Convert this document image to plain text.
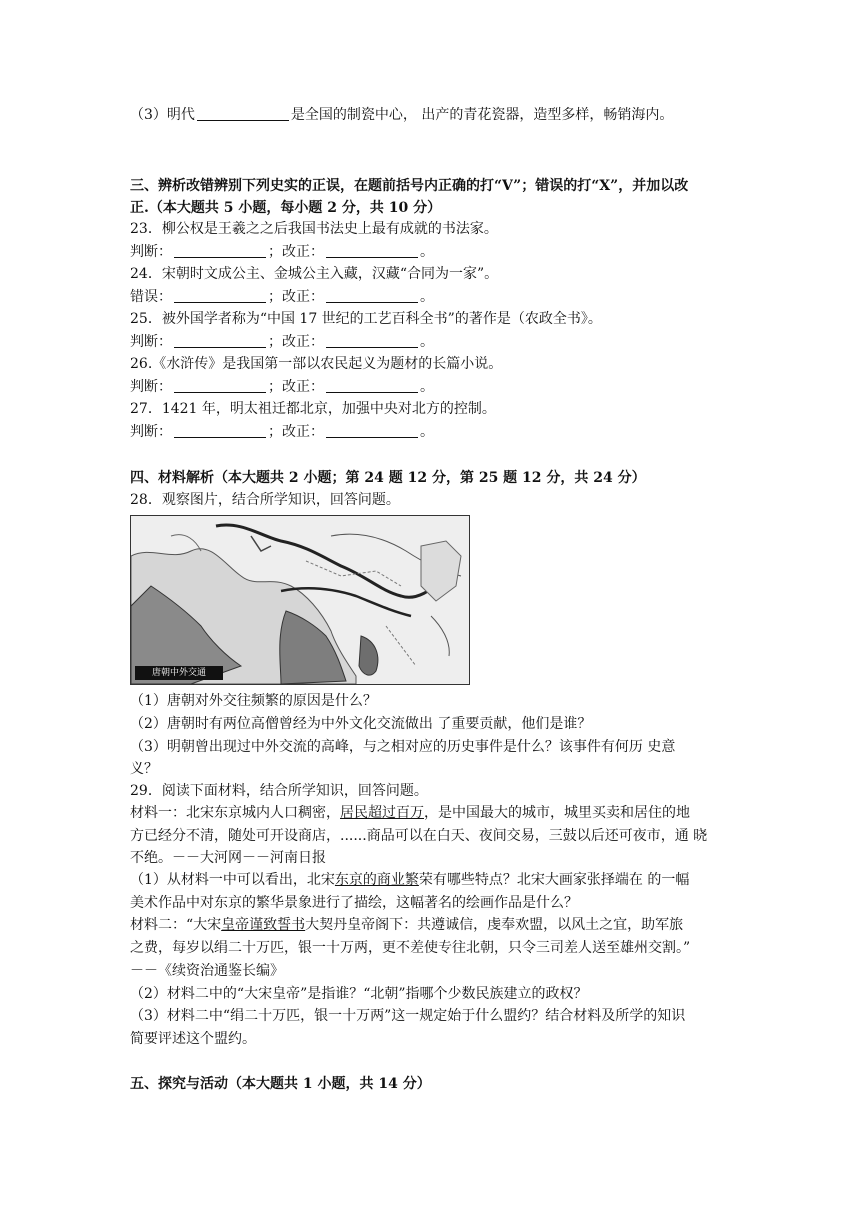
（3）明代	是全国的制瓷中心， 出产的青花瓷器，造型多样，畅销海内。
三、辨析改错辨别下列史实的正误，在题前括号内正确的打“V”；错误的打“X”，并加以改
正.（本大题共 5 小题，每小题 2 分，共 10 分）
23．柳公权是王羲之之后我国书法史上最有成就的书法家。
判断：	；改正：	。
24．宋朝时文成公主、金城公主入藏，汉藏“合同为一家”。
错误：	；改正：	。
25．被外国学者称为“中国 17 世纪的工艺百科全书”的著作是（农政全书》。
判断：	；改正：	。
26.《水浒传》是我国第一部以农民起义为题材的长篇小说。
判断：	；改正：	。
27．1421 年，明太祖迁都北京，加强中央对北方的控制。
判断：	；改正：	。
四、材料解析（本大题共 2 小题；第 24 题 12 分，第 25 题 12 分，共 24 分）
28．观察图片，结合所学知识，回答问题。
唐朝中外交通
（1）唐朝对外交往频繁的原因是什么？
（2）唐朝时有两位高僧曾经为中外文化交流做出 了重要贡献，他们是谁？
（3）明朝曾出现过中外交流的高峰，与之相对应的历史事件是什么？该事件有何历 史意
义？
29．阅读下面材料，结合所学知识，回答问题。
材料一：北宋东京城内人口稠密，居民超过百万，是中国最大的城市，城里买卖和居住的地
方已经分不清，随处可开设商店，......商品可以在白天、夜间交易，三鼓以后还可夜市，通 晓
不绝。－－大河网－－河南日报
（1）从材料一中可以看出，北宋东京的商业繁荣有哪些特点？北宋大画家张择端在 的一幅
美术作品中对东京的繁华景象进行了描绘，这幅著名的绘画作品是什么？
材料二：“大宋皇帝谨致誓书大契丹皇帝阁下：共遵诚信，虔奉欢盟，以风土之宜，助军旅
之费，每岁以绢二十万匹，银一十万两，更不差使专往北朝，只令三司差人送至雄州交割。”
－－《续资治通鉴长编》
（2）材料二中的“大宋皇帝”是指谁？“北朝”指哪个少数民族建立的政权？
（3）材料二中“绢二十万匹，银一十万两”这一规定始于什么盟约？结合材料及所学的知识
简要评述这个盟约。
五、探究与活动（本大题共 1 小题，共 14 分）
